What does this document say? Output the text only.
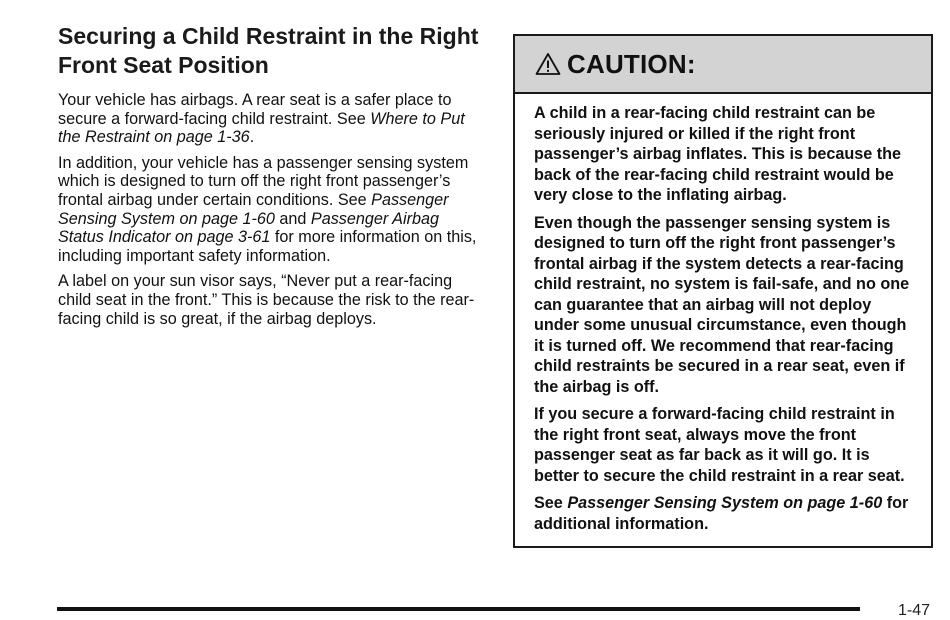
Securing a Child Restraint in the Right Front Seat Position

Your vehicle has airbags. A rear seat is a safer place to secure a forward-facing child restraint. See Where to Put the Restraint on page 1-36.

In addition, your vehicle has a passenger sensing system which is designed to turn off the right front passenger’s frontal airbag under certain conditions. See Passenger Sensing System on page 1-60 and Passenger Airbag Status Indicator on page 3-61 for more information on this, including important safety information.

A label on your sun visor says, “Never put a rear-facing child seat in the front.” This is because the risk to the rear-facing child is so great, if the airbag deploys.

CAUTION:

A child in a rear-facing child restraint can be seriously injured or killed if the right front passenger’s airbag inflates. This is because the back of the rear-facing child restraint would be very close to the inflating airbag.

Even though the passenger sensing system is designed to turn off the right front passenger’s frontal airbag if the system detects a rear-facing child restraint, no system is fail-safe, and no one can guarantee that an airbag will not deploy under some unusual circumstance, even though it is turned off. We recommend that rear-facing child restraints be secured in a rear seat, even if the airbag is off.

If you secure a forward-facing child restraint in the right front seat, always move the front passenger seat as far back as it will go. It is better to secure the child restraint in a rear seat.

See Passenger Sensing System on page 1-60 for additional information.

1-47
